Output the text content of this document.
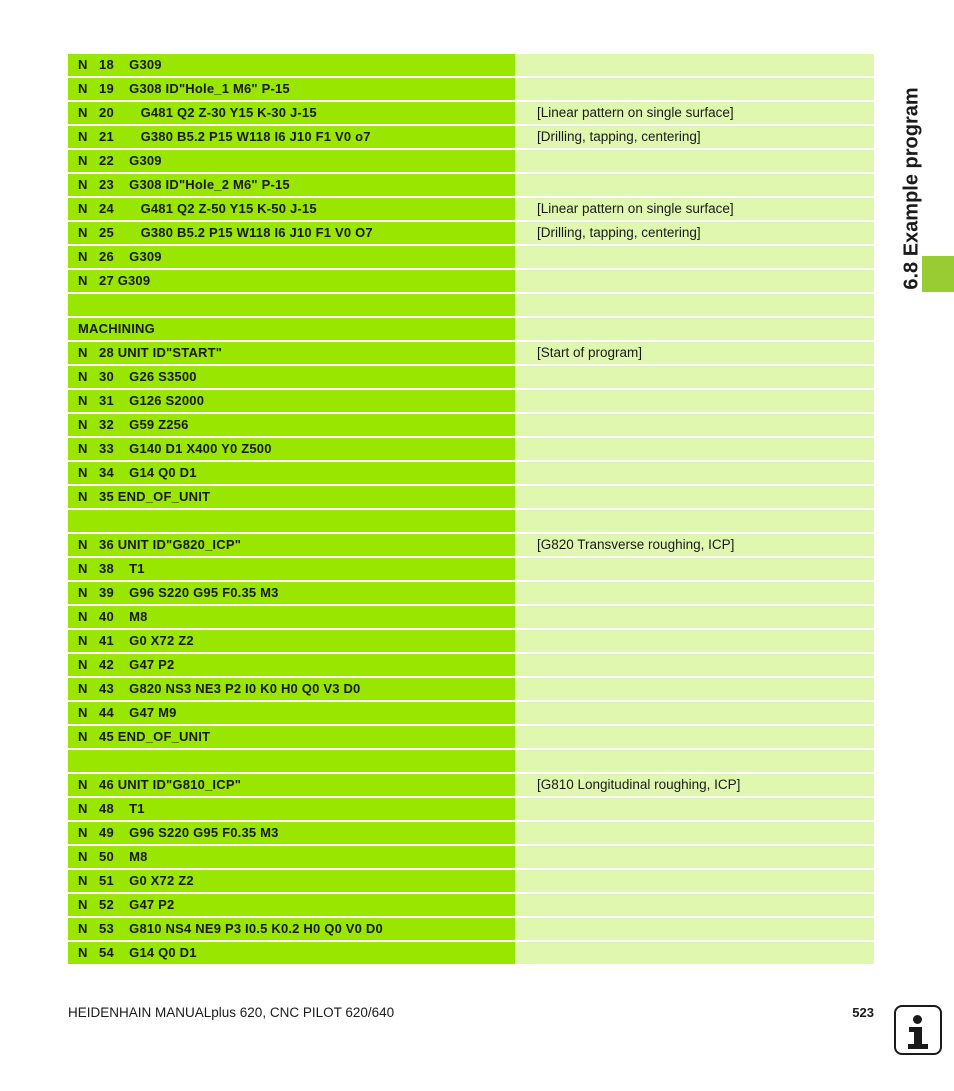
N   18    G309
N   19    G308 ID"Hole_1 M6" P-15
N   20       G481 Q2 Z-30 Y15 K-30 J-15	[Linear pattern on single surface]
N   21       G380 B5.2 P15 W118 I6 J10 F1 V0 o7	[Drilling, tapping, centering]
N   22    G309
N   23    G308 ID"Hole_2 M6" P-15
N   24       G481 Q2 Z-50 Y15 K-50 J-15	[Linear pattern on single surface]
N   25       G380 B5.2 P15 W118 I6 J10 F1 V0 O7	[Drilling, tapping, centering]
N   26    G309
N   27 G309
MACHINING
N   28 UNIT ID"START"	[Start of program]
N   30    G26 S3500
N   31    G126 S2000
N   32    G59 Z256
N   33    G140 D1 X400 Y0 Z500
N   34    G14 Q0 D1
N   35 END_OF_UNIT
N   36 UNIT ID"G820_ICP"	[G820 Transverse roughing, ICP]
N   38    T1
N   39    G96 S220 G95 F0.35 M3
N   40    M8
N   41    G0 X72 Z2
N   42    G47 P2
N   43    G820 NS3 NE3 P2 I0 K0 H0 Q0 V3 D0
N   44    G47 M9
N   45 END_OF_UNIT
N   46 UNIT ID"G810_ICP"	[G810 Longitudinal roughing, ICP]
N   48    T1
N   49    G96 S220 G95 F0.35 M3
N   50    M8
N   51    G0 X72 Z2
N   52    G47 P2
N   53    G810 NS4 NE9 P3 I0.5 K0.2 H0 Q0 V0 D0
N   54    G14 Q0 D1
6.8 Example program
HEIDENHAIN MANUALplus 620, CNC PILOT 620/640	523
